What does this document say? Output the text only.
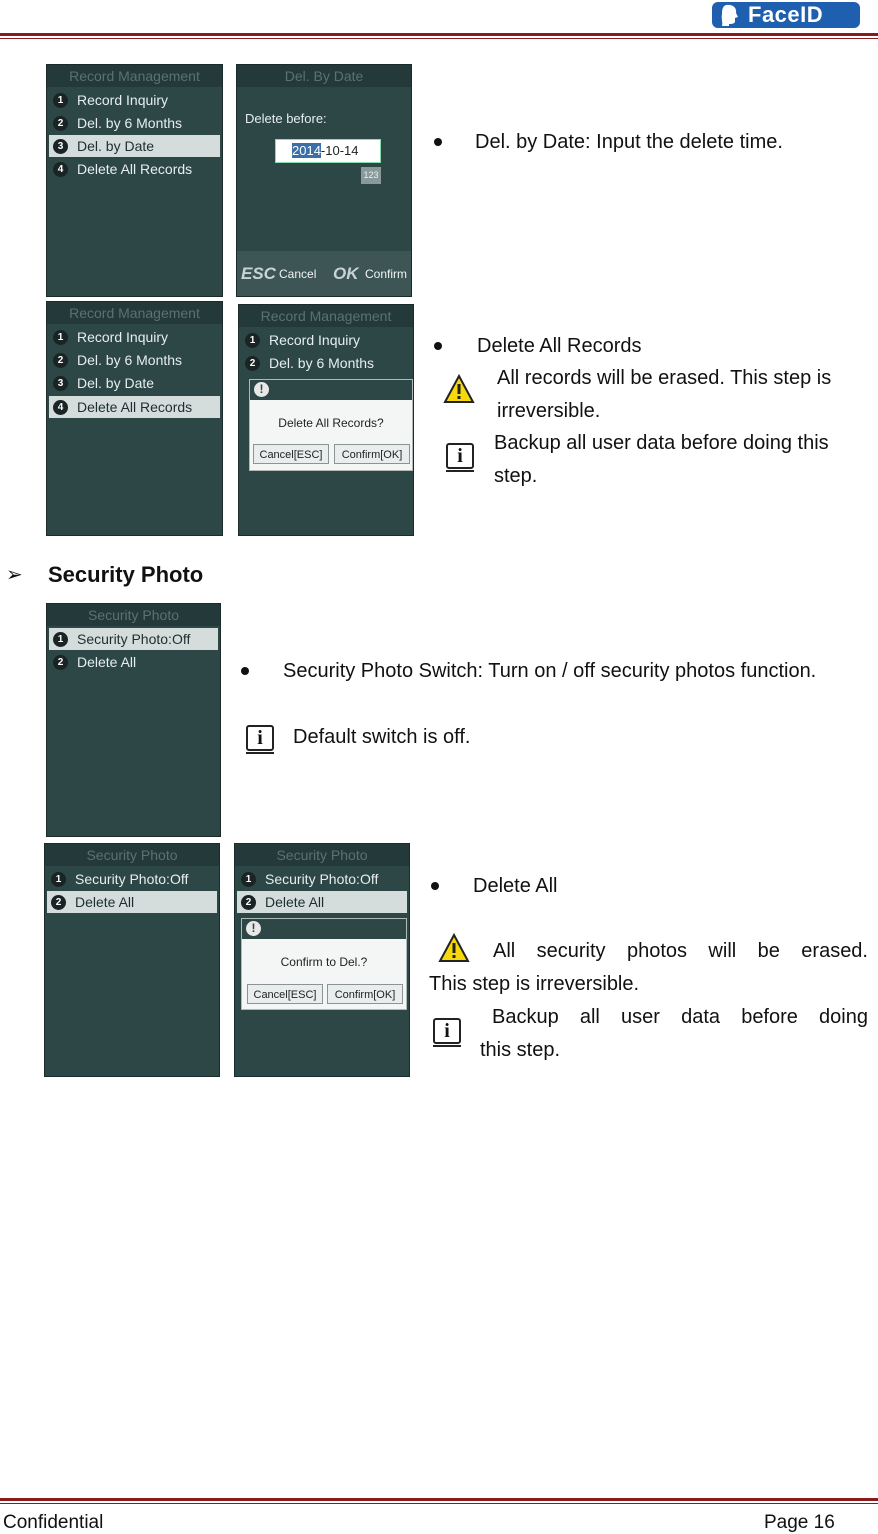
FaceID
Record Management
1 Record Inquiry
2 Del. by 6 Months
3 Del. by Date
4 Delete All Records
Del. By Date
Delete before:
2014-10-14
123
ESC Cancel OK Confirm
Del. by Date: Input the delete time.
Record Management
1 Record Inquiry
2 Del. by 6 Months
3 Del. by Date
4 Delete All Records
Record Management
1 Record Inquiry
2 Del. by 6 Months
!
Delete All Records?
Cancel[ESC]	Confirm[OK]
Delete All Records
All records will be erased. This step is
irreversible.
i
Backup all user data before doing this
step.
➢ Security Photo
Security Photo
1 Security Photo:Off
2 Delete All	Security Photo Switch: Turn on / off security photos function.
i	Default switch is off.
Security Photo
1 Security Photo:Off
2 Delete All
Security Photo
1 Security Photo:Off
2 Delete All
!
Confirm to Del.?
Cancel[ESC]	Confirm[OK]
Delete All
All security photos will be erased.
This step is irreversible.
i
Backup all user data before doing
this step.
Confidential	Page 16
